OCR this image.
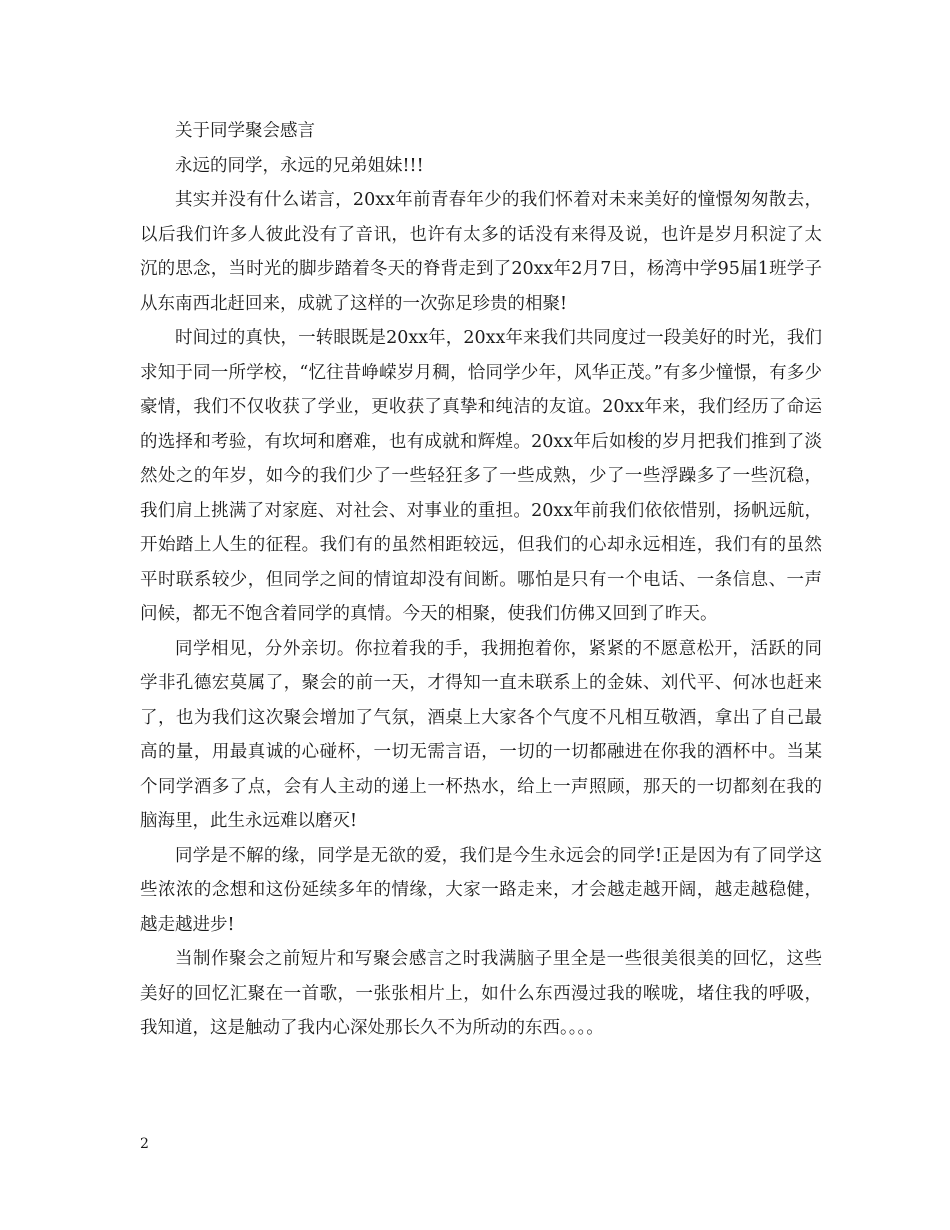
关于同学聚会感言

永远的同学，永远的兄弟姐妹!!!

其实并没有什么诺言，20xx年前青春年少的我们怀着对未来美好的憧憬匆匆散去，以后我们许多人彼此没有了音讯，也许有太多的话没有来得及说，也许是岁月积淀了太沉的思念，当时光的脚步踏着冬天的脊背走到了20xx年2月7日，杨湾中学95届1班学子从东南西北赶回来，成就了这样的一次弥足珍贵的相聚!

时间过的真快，一转眼既是20xx年，20xx年来我们共同度过一段美好的时光，我们求知于同一所学校，“忆往昔峥嵘岁月稠，恰同学少年，风华正茂。”有多少憧憬，有多少豪情，我们不仅收获了学业，更收获了真挚和纯洁的友谊。20xx年来，我们经历了命运的选择和考验，有坎坷和磨难，也有成就和辉煌。20xx年后如梭的岁月把我们推到了淡然处之的年岁，如今的我们少了一些轻狂多了一些成熟，少了一些浮躁多了一些沉稳，我们肩上挑满了对家庭、对社会、对事业的重担。20xx年前我们依依惜别，扬帆远航，开始踏上人生的征程。我们有的虽然相距较远，但我们的心却永远相连，我们有的虽然平时联系较少，但同学之间的情谊却没有间断。哪怕是只有一个电话、一条信息、一声问候，都无不饱含着同学的真情。今天的相聚，使我们仿佛又回到了昨天。

同学相见，分外亲切。你拉着我的手，我拥抱着你，紧紧的不愿意松开，活跃的同学非孔德宏莫属了，聚会的前一天，才得知一直未联系上的金妹、刘代平、何冰也赶来了，也为我们这次聚会增加了气氛，酒桌上大家各个气度不凡相互敬酒，拿出了自己最高的量，用最真诚的心碰杯，一切无需言语，一切的一切都融进在你我的酒杯中。当某个同学酒多了点，会有人主动的递上一杯热水，给上一声照顾，那天的一切都刻在我的脑海里，此生永远难以磨灭!

同学是不解的缘，同学是无欲的爱，我们是今生永远会的同学!正是因为有了同学这些浓浓的念想和这份延续多年的情缘，大家一路走来，才会越走越开阔，越走越稳健，越走越进步!

当制作聚会之前短片和写聚会感言之时我满脑子里全是一些很美很美的回忆，这些美好的回忆汇聚在一首歌，一张张相片上，如什么东西漫过我的喉咙，堵住我的呼吸，我知道，这是触动了我内心深处那长久不为所动的东西。。。。

2
